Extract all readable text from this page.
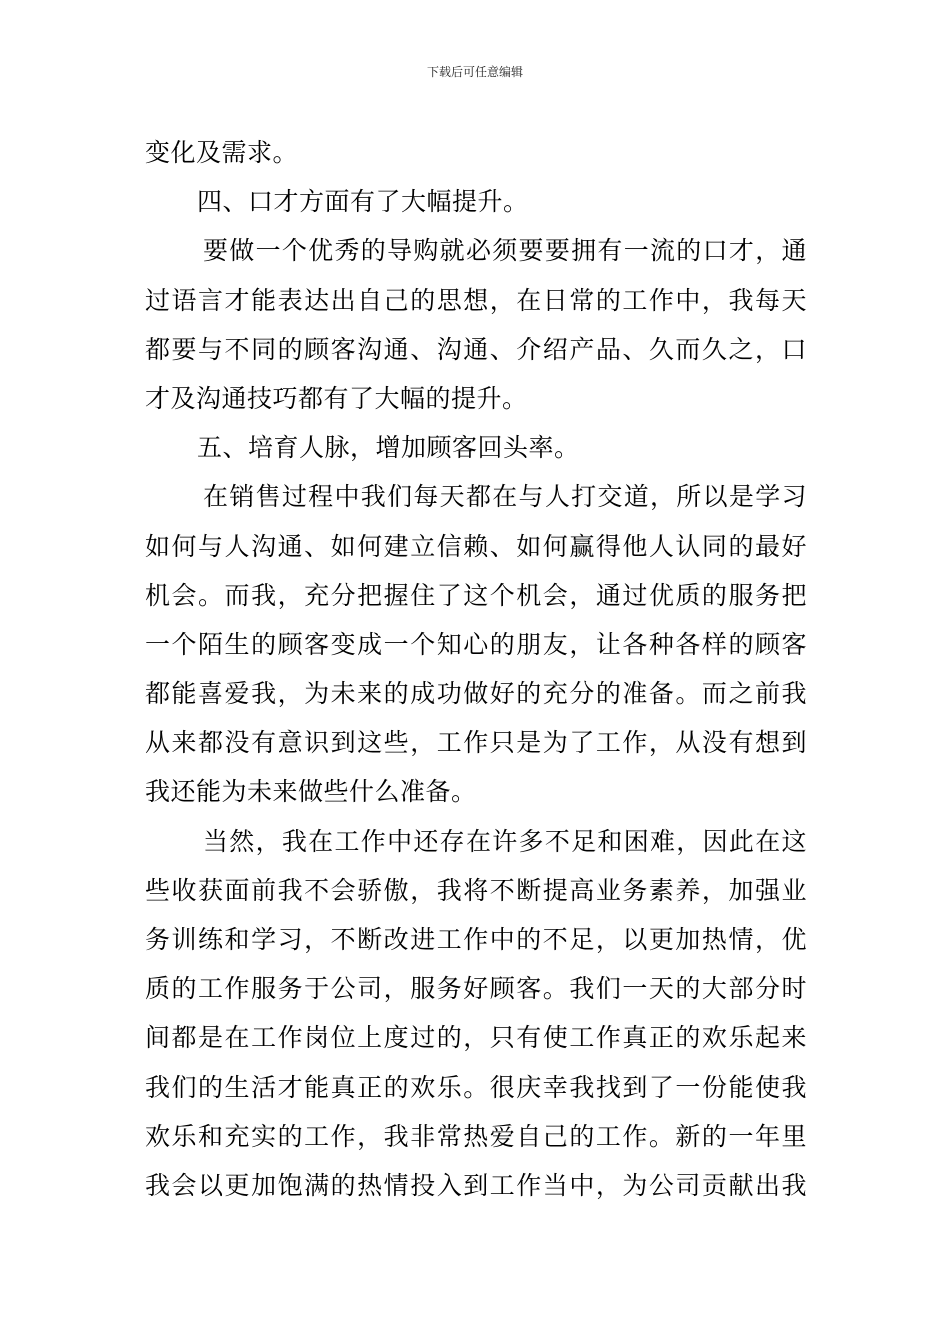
下载后可任意编辑
变化及需求。
四、口才方面有了大幅提升。
要做一个优秀的导购就必须要要拥有一流的口才，通
过语言才能表达出自己的思想，在日常的工作中，我每天
都要与不同的顾客沟通、沟通、介绍产品、久而久之，口
才及沟通技巧都有了大幅的提升。
五、培育人脉，增加顾客回头率。
在销售过程中我们每天都在与人打交道，所以是学习
如何与人沟通、如何建立信赖、如何赢得他人认同的最好
机会。而我，充分把握住了这个机会，通过优质的服务把
一个陌生的顾客变成一个知心的朋友，让各种各样的顾客
都能喜爱我，为未来的成功做好的充分的准备。而之前我
从来都没有意识到这些，工作只是为了工作，从没有想到
我还能为未来做些什么准备。
当然，我在工作中还存在许多不足和困难，因此在这
些收获面前我不会骄傲，我将不断提高业务素养，加强业
务训练和学习，不断改进工作中的不足，以更加热情，优
质的工作服务于公司，服务好顾客。我们一天的大部分时
间都是在工作岗位上度过的，只有使工作真正的欢乐起来
我们的生活才能真正的欢乐。很庆幸我找到了一份能使我
欢乐和充实的工作，我非常热爱自己的工作。新的一年里
我会以更加饱满的热情投入到工作当中，为公司贡献出我
